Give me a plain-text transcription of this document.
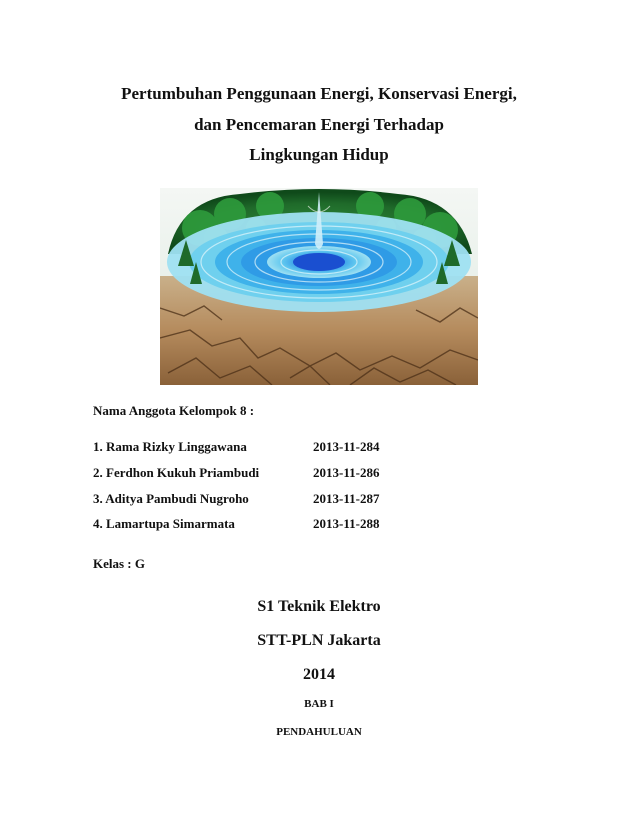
Pertumbuhan Penggunaan Energi, Konservasi Energi,
dan Pencemaran Energi Terhadap
Lingkungan Hidup
Nama Anggota Kelompok 8 :
1. Rama Rizky Linggawana	2013-11-284
2. Ferdhon Kukuh Priambudi	2013-11-286
3. Aditya Pambudi Nugroho	2013-11-287
4. Lamartupa Simarmata	2013-11-288
Kelas : G
S1 Teknik Elektro
STT-PLN Jakarta
2014
BAB I
PENDAHULUAN
